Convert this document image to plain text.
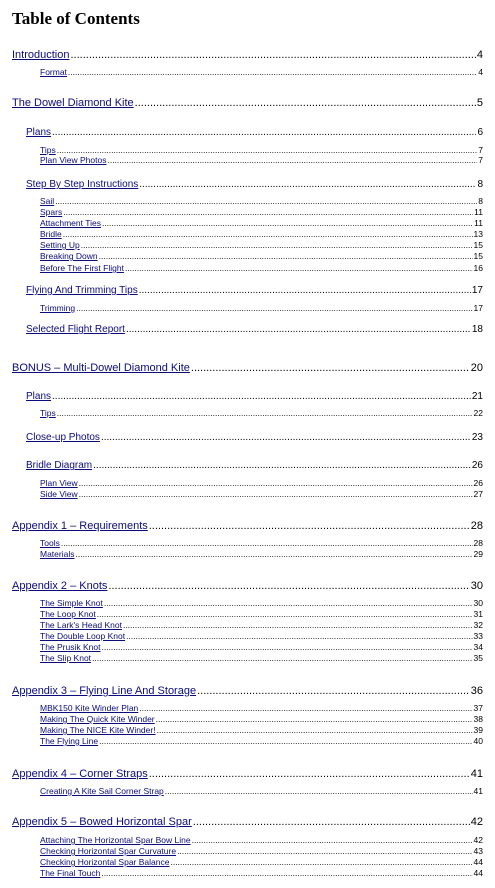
Table of Contents
Introduction .....	4
Format .....	4
The Dowel Diamond Kite .....	5
Plans .....	6
Tips .....	7
Plan View Photos .....	7
Step By Step Instructions .....	8
Sail .....	8
Spars .....	11
Attachment Ties .....	11
Bridle .....	13
Setting Up .....	15
Breaking Down .....	15
Before The First Flight .....	16
Flying And Trimming Tips .....	17
Trimming .....	17
Selected Flight Report .....	18
BONUS – Multi-Dowel Diamond Kite .....	20
Plans .....	21
Tips .....	22
Close-up Photos .....	23
Bridle Diagram .....	26
Plan View .....	26
Side View .....	27
Appendix 1 – Requirements .....	28
Tools .....	28
Materials .....	29
Appendix 2 – Knots .....	30
The Simple Knot .....	30
The Loop Knot .....	31
The Lark's Head Knot .....	32
The Double Loop Knot .....	33
The Prusik Knot .....	34
The Slip Knot .....	35
Appendix 3 – Flying Line And Storage .....	36
MBK150 Kite Winder Plan .....	37
Making The Quick Kite Winder .....	38
Making The NICE Kite Winder! .....	39
The Flying Line .....	40
Appendix 4 – Corner Straps .....	41
Creating A Kite Sail Corner Strap .....	41
Appendix 5 – Bowed Horizontal Spar .....	42
Attaching The Horizontal Spar Bow Line .....	42
Checking Horizontal Spar Curvature .....	43
Checking Horizontal Spar Balance .....	44
The Final Touch .....	44
